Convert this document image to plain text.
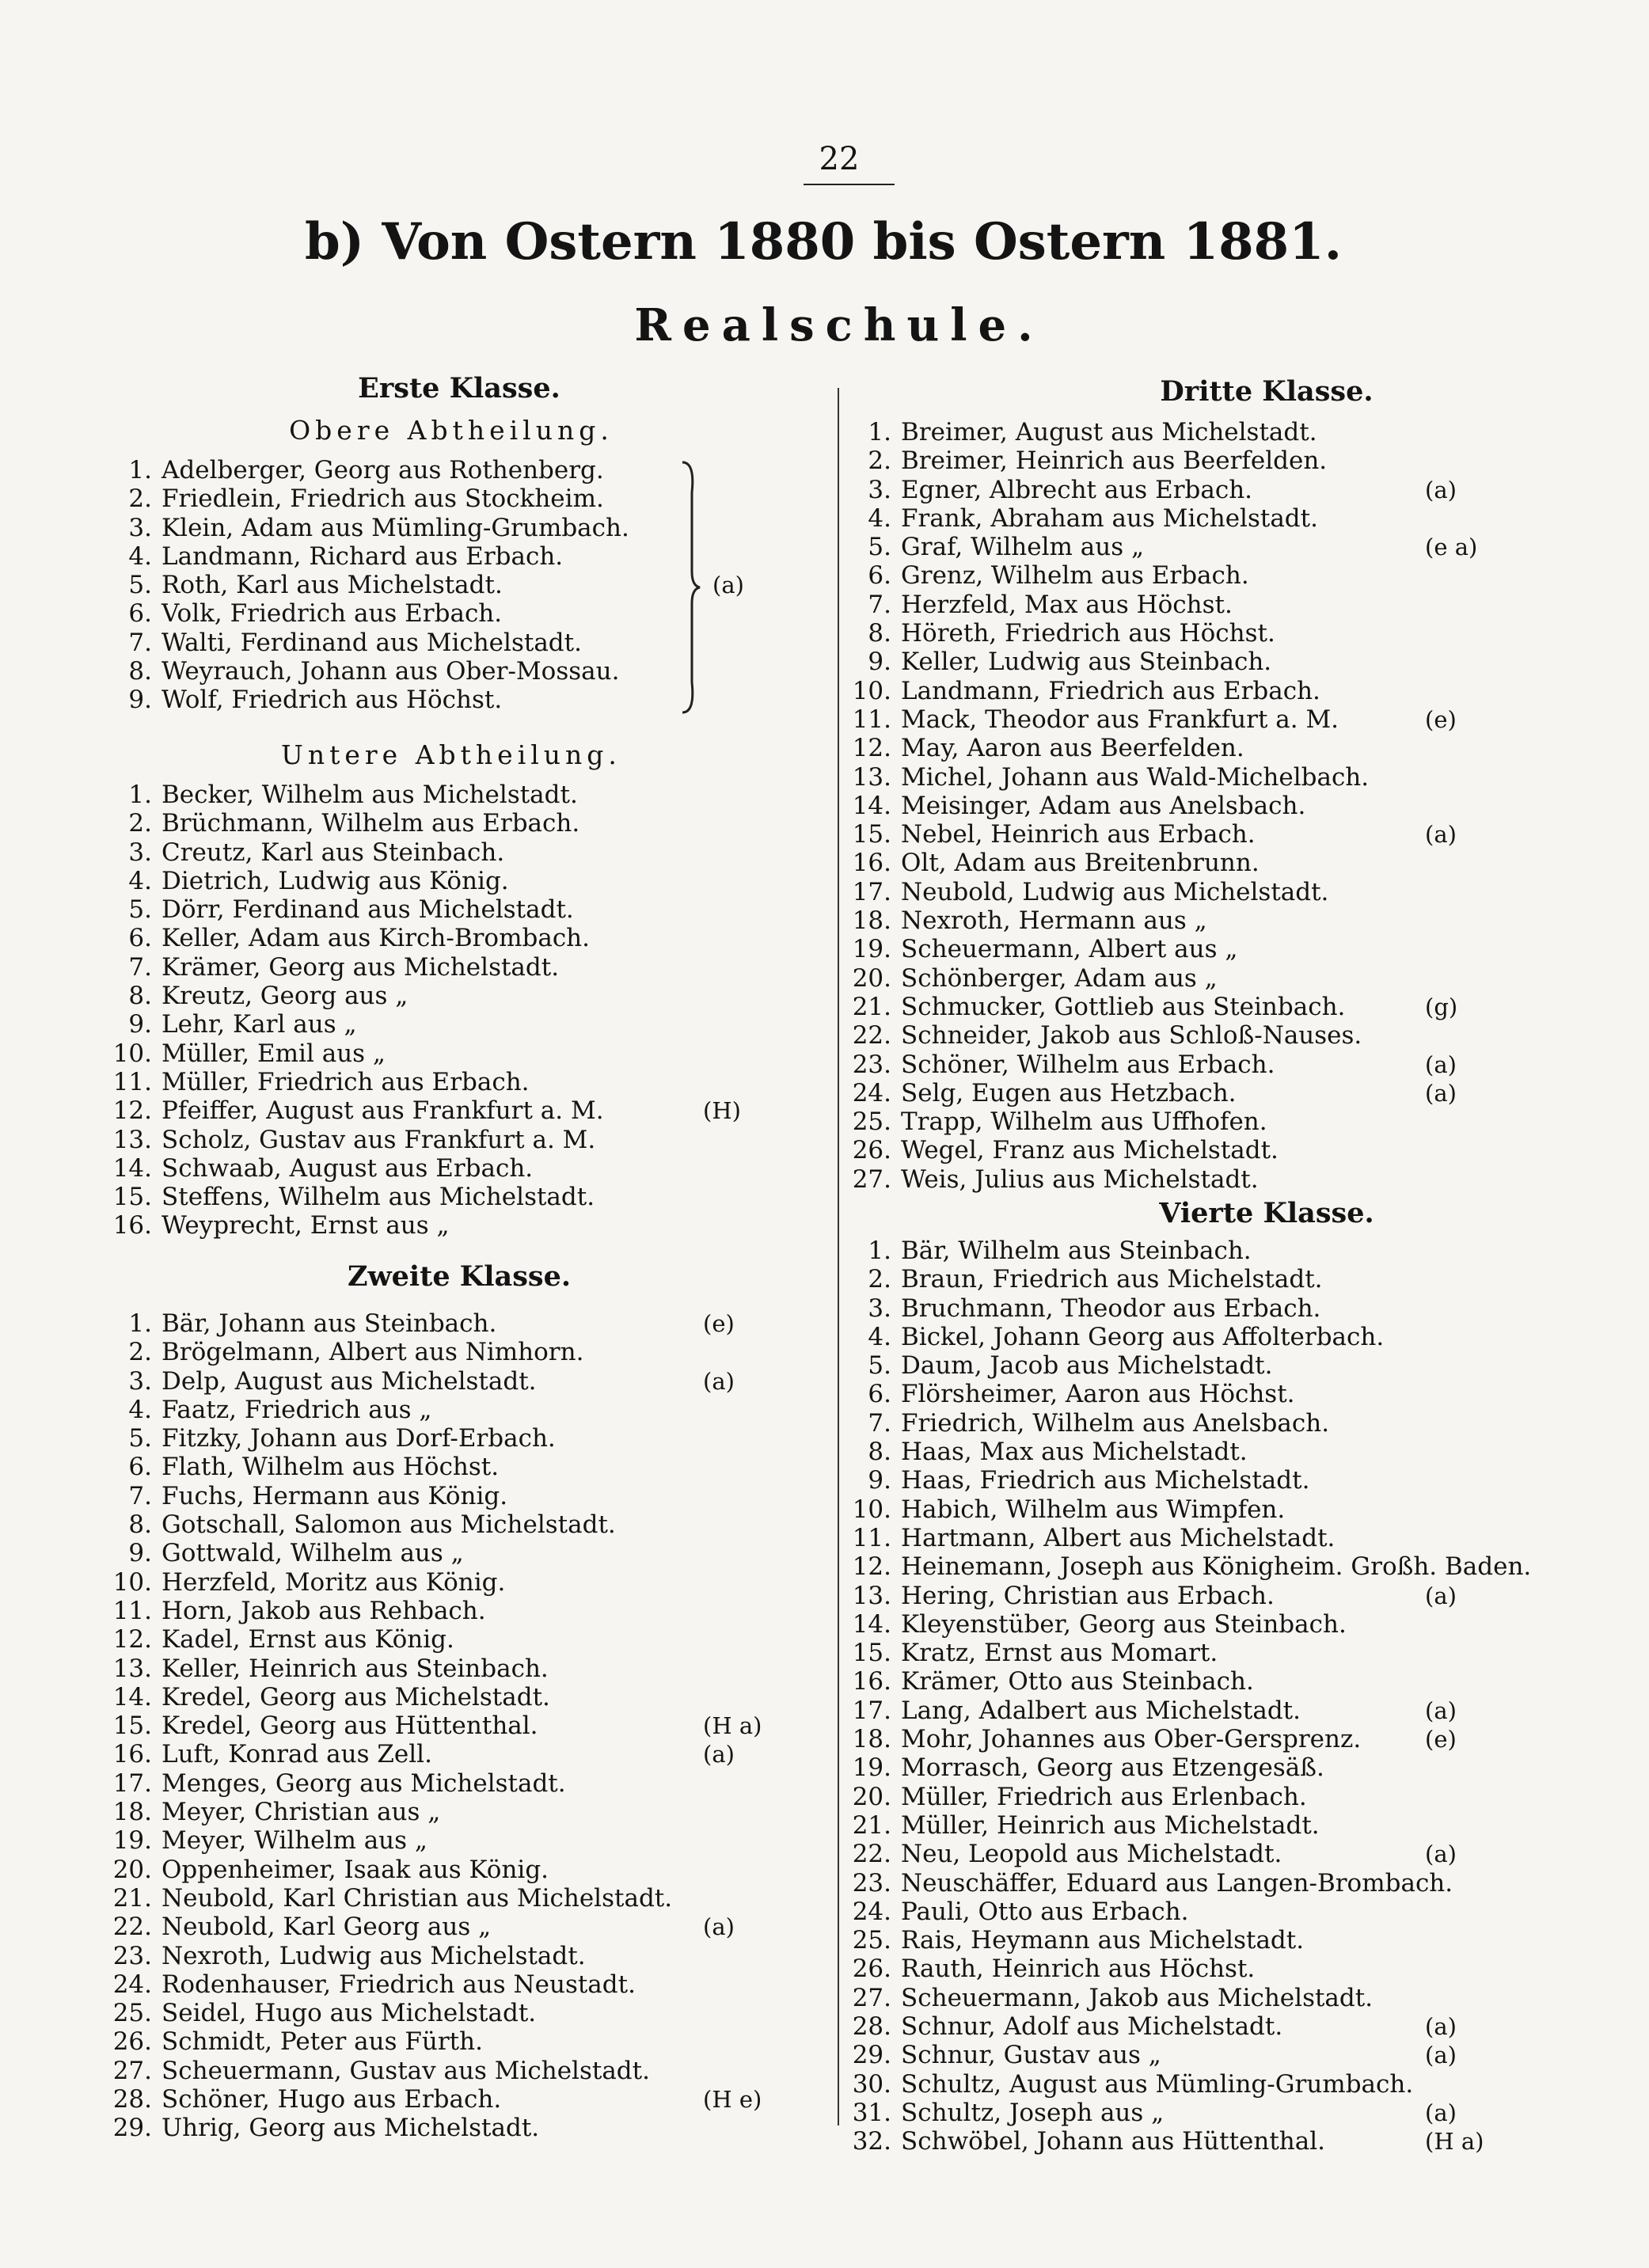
22
b) Von Ostern 1880 bis Ostern 1881.
Realschule.
Erste Klasse.
Obere Abtheilung.
1. Adelberger, Georg aus Rothenberg.
2. Friedlein, Friedrich aus Stockheim.
3. Klein, Adam aus Mümling-Grumbach.
4. Landmann, Richard aus Erbach.
5. Roth, Karl aus Michelstadt.
6. Volk, Friedrich aus Erbach.
7. Walti, Ferdinand aus Michelstadt.
8. Weyrauch, Johann aus Ober-Mossau.
9. Wolf, Friedrich aus Höchst.
(a)
Untere Abtheilung.
1. Becker, Wilhelm aus Michelstadt.
2. Brüchmann, Wilhelm aus Erbach.
3. Creutz, Karl aus Steinbach.
4. Dietrich, Ludwig aus König.
5. Dörr, Ferdinand aus Michelstadt.
6. Keller, Adam aus Kirch-Brombach.
7. Krämer, Georg aus Michelstadt.
8. Kreutz, Georg aus „
9. Lehr, Karl aus „
10. Müller, Emil aus „
11. Müller, Friedrich aus Erbach.
12. Pfeiffer, August aus Frankfurt a. M.	(H)
13. Scholz, Gustav aus Frankfurt a. M.
14. Schwaab, August aus Erbach.
15. Steffens, Wilhelm aus Michelstadt.
16. Weyprecht, Ernst aus „
Zweite Klasse.
1. Bär, Johann aus Steinbach.	(e)
2. Brögelmann, Albert aus Nimhorn.
3. Delp, August aus Michelstadt.	(a)
4. Faatz, Friedrich aus „
5. Fitzky, Johann aus Dorf-Erbach.
6. Flath, Wilhelm aus Höchst.
7. Fuchs, Hermann aus König.
8. Gotschall, Salomon aus Michelstadt.
9. Gottwald, Wilhelm aus „
10. Herzfeld, Moritz aus König.
11. Horn, Jakob aus Rehbach.
12. Kadel, Ernst aus König.
13. Keller, Heinrich aus Steinbach.
14. Kredel, Georg aus Michelstadt.
15. Kredel, Georg aus Hüttenthal.	(H a)
16. Luft, Konrad aus Zell.	(a)
17. Menges, Georg aus Michelstadt.
18. Meyer, Christian aus „
19. Meyer, Wilhelm aus „
20. Oppenheimer, Isaak aus König.
21. Neubold, Karl Christian aus Michelstadt.
22. Neubold, Karl Georg aus „	(a)
23. Nexroth, Ludwig aus Michelstadt.
24. Rodenhauser, Friedrich aus Neustadt.
25. Seidel, Hugo aus Michelstadt.
26. Schmidt, Peter aus Fürth.
27. Scheuermann, Gustav aus Michelstadt.
28. Schöner, Hugo aus Erbach.	(H e)
29. Uhrig, Georg aus Michelstadt.
Dritte Klasse.
1. Breimer, August aus Michelstadt.
2. Breimer, Heinrich aus Beerfelden.
3. Egner, Albrecht aus Erbach.	(a)
4. Frank, Abraham aus Michelstadt.
5. Graf, Wilhelm aus „	(e a)
6. Grenz, Wilhelm aus Erbach.
7. Herzfeld, Max aus Höchst.
8. Höreth, Friedrich aus Höchst.
9. Keller, Ludwig aus Steinbach.
10. Landmann, Friedrich aus Erbach.
11. Mack, Theodor aus Frankfurt a. M.	(e)
12. May, Aaron aus Beerfelden.
13. Michel, Johann aus Wald-Michelbach.
14. Meisinger, Adam aus Anelsbach.
15. Nebel, Heinrich aus Erbach.	(a)
16. Olt, Adam aus Breitenbrunn.
17. Neubold, Ludwig aus Michelstadt.
18. Nexroth, Hermann aus „
19. Scheuermann, Albert aus „
20. Schönberger, Adam aus „
21. Schmucker, Gottlieb aus Steinbach.	(g)
22. Schneider, Jakob aus Schloß-Nauses.
23. Schöner, Wilhelm aus Erbach.	(a)
24. Selg, Eugen aus Hetzbach.	(a)
25. Trapp, Wilhelm aus Uffhofen.
26. Wegel, Franz aus Michelstadt.
27. Weis, Julius aus Michelstadt.
Vierte Klasse.
1. Bär, Wilhelm aus Steinbach.
2. Braun, Friedrich aus Michelstadt.
3. Bruchmann, Theodor aus Erbach.
4. Bickel, Johann Georg aus Affolterbach.
5. Daum, Jacob aus Michelstadt.
6. Flörsheimer, Aaron aus Höchst.
7. Friedrich, Wilhelm aus Anelsbach.
8. Haas, Max aus Michelstadt.
9. Haas, Friedrich aus Michelstadt.
10. Habich, Wilhelm aus Wimpfen.
11. Hartmann, Albert aus Michelstadt.
12. Heinemann, Joseph aus Königheim. Großh. Baden.
13. Hering, Christian aus Erbach.	(a)
14. Kleyenstüber, Georg aus Steinbach.
15. Kratz, Ernst aus Momart.
16. Krämer, Otto aus Steinbach.
17. Lang, Adalbert aus Michelstadt.	(a)
18. Mohr, Johannes aus Ober-Gersprenz.	(e)
19. Morrasch, Georg aus Etzengesäß.
20. Müller, Friedrich aus Erlenbach.
21. Müller, Heinrich aus Michelstadt.
22. Neu, Leopold aus Michelstadt.	(a)
23. Neuschäffer, Eduard aus Langen-Brombach.
24. Pauli, Otto aus Erbach.
25. Rais, Heymann aus Michelstadt.
26. Rauth, Heinrich aus Höchst.
27. Scheuermann, Jakob aus Michelstadt.
28. Schnur, Adolf aus Michelstadt.	(a)
29. Schnur, Gustav aus „	(a)
30. Schultz, August aus Mümling-Grumbach.
31. Schultz, Joseph aus „	(a)
32. Schwöbel, Johann aus Hüttenthal.	(H a)
